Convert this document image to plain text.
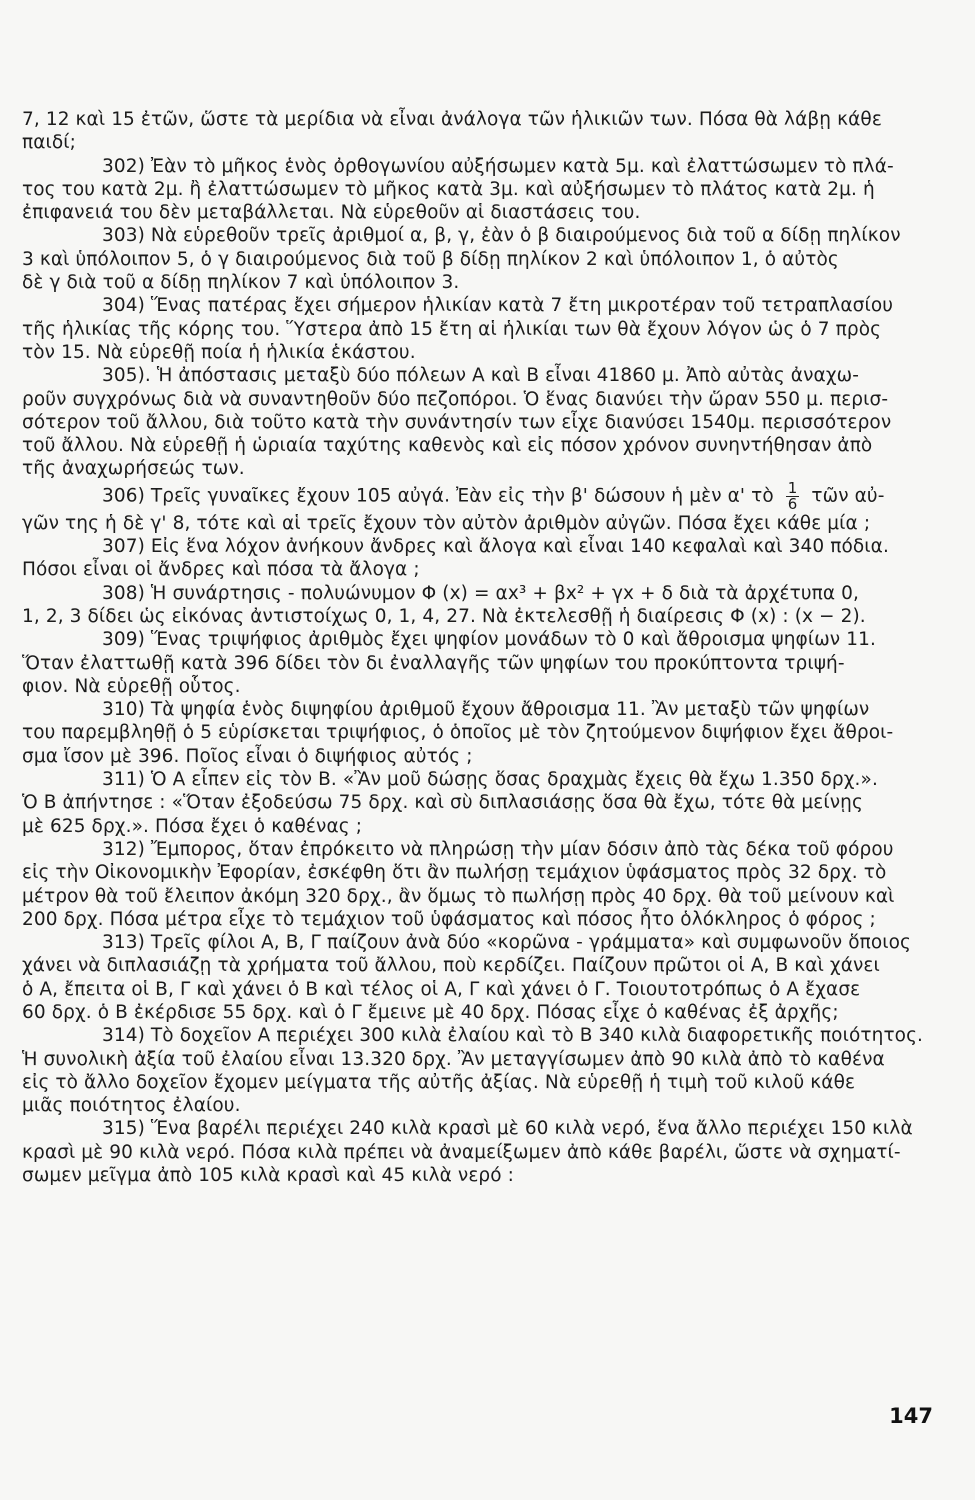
7, 12 καὶ 15 ἐτῶν, ὥστε τὰ μερίδια νὰ εἶναι ἀνάλογα τῶν ἡλικιῶν των. Πόσα θὰ λάβῃ κάθε
παιδί;
302) Ἐὰν τὸ μῆκος ἑνὸς ὀρθογωνίου αὐξήσωμεν κατὰ 5μ. καὶ ἐλαττώσωμεν τὸ πλά-
τος του κατὰ 2μ. ἢ ἐλαττώσωμεν τὸ μῆκος κατὰ 3μ. καὶ αὐξήσωμεν τὸ πλάτος κατὰ 2μ. ἡ
ἐπιφανειά του δὲν μεταβάλλεται. Νὰ εὑρεθοῦν αἱ διαστάσεις του.
303) Νὰ εὑρεθοῦν τρεῖς ἀριθμοί α, β, γ, ἐὰν ὁ β διαιρούμενος διὰ τοῦ α δίδῃ πηλίκον
3 καὶ ὑπόλοιπον 5, ὁ γ διαιρούμενος διὰ τοῦ β δίδῃ πηλίκον 2 καὶ ὑπόλοιπον 1, ὁ αὐτὸς
δὲ γ διὰ τοῦ α δίδῃ πηλίκον 7 καὶ ὑπόλοιπον 3.
304) Ἕνας πατέρας ἔχει σήμερον ἡλικίαν κατὰ 7 ἔτη μικροτέραν τοῦ τετραπλασίου
τῆς ἡλικίας τῆς κόρης του. Ὕστερα ἀπὸ 15 ἔτη αἱ ἡλικίαι των θὰ ἔχουν λόγον ὡς ὁ 7 πρὸς
τὸν 15. Νὰ εὑρεθῇ ποία ἡ ἡλικία ἑκάστου.
305). Ἡ ἀπόστασις μεταξὺ δύο πόλεων Α καὶ Β εἶναι 41860 μ. Ἀπὸ αὐτὰς ἀναχω-
ροῦν συγχρόνως διὰ νὰ συναντηθοῦν δύο πεζοπόροι. Ὁ ἕνας διανύει τὴν ὥραν 550 μ. περισ-
σότερον τοῦ ἄλλου, διὰ τοῦτο κατὰ τὴν συνάντησίν των εἶχε διανύσει 1540μ. περισσότερον
τοῦ ἄλλου. Νὰ εὑρεθῇ ἡ ὡριαία ταχύτης καθενὸς καὶ εἰς πόσον χρόνον συνηντήθησαν ἀπὸ
τῆς ἀναχωρήσεώς των.
306) Τρεῖς γυναῖκες ἔχουν 105 αὐγά. Ἐὰν εἰς τὴν β' δώσουν ἡ μὲν α' τὸ $\frac{1}{6}$ τῶν αὐ-
γῶν της ἡ δὲ γ' 8, τότε καὶ αἱ τρεῖς ἔχουν τὸν αὐτὸν ἀριθμὸν αὐγῶν. Πόσα ἔχει κάθε μία ;
307) Εἰς ἕνα λόχον ἀνήκουν ἄνδρες καὶ ἄλογα καὶ εἶναι 140 κεφαλαὶ καὶ 340 πόδια.
Πόσοι εἶναι οἱ ἄνδρες καὶ πόσα τὰ ἄλογα ;
308) Ἡ συνάρτησις - πολυώνυμον Φ (x) = αx³ + βx² + γx + δ διὰ τὰ ἀρχέτυπα 0,
1, 2, 3 δίδει ὡς εἰκόνας ἀντιστοίχως 0, 1, 4, 27. Νὰ ἐκτελεσθῇ ἡ διαίρεσις Φ (x) : (x − 2).
309) Ἕνας τριψήφιος ἀριθμὸς ἔχει ψηφίον μονάδων τὸ 0 καὶ ἄθροισμα ψηφίων 11.
Ὅταν ἐλαττωθῇ κατὰ 396 δίδει τὸν δι ἐναλλαγῆς τῶν ψηφίων του προκύπτοντα τριψή-
φιον. Νὰ εὑρεθῇ οὗτος.
310) Τὰ ψηφία ἑνὸς διψηφίου ἀριθμοῦ ἔχουν ἄθροισμα 11. Ἂν μεταξὺ τῶν ψηφίων
του παρεμβληθῇ ὁ 5 εὑρίσκεται τριψήφιος, ὁ ὁποῖος μὲ τὸν ζητούμενον διψήφιον ἔχει ἄθροι-
σμα ἴσον μὲ 396. Ποῖος εἶναι ὁ διψήφιος αὐτός ;
311) Ὁ Α εἶπεν εἰς τὸν Β. «Ἂν μοῦ δώσῃς ὅσας δραχμὰς ἔχεις θὰ ἔχω 1.350 δρχ.».
Ὁ Β ἀπήντησε : «Ὅταν ἐξοδεύσω 75 δρχ. καὶ σὺ διπλασιάσῃς ὅσα θὰ ἔχω, τότε θὰ μείνῃς
μὲ 625 δρχ.». Πόσα ἔχει ὁ καθένας ;
312) Ἔμπορος, ὅταν ἐπρόκειτο νὰ πληρώσῃ τὴν μίαν δόσιν ἀπὸ τὰς δέκα τοῦ φόρου
εἰς τὴν Οἰκονομικὴν Ἐφορίαν, ἐσκέφθη ὅτι ἂν πωλήσῃ τεμάχιον ὑφάσματος πρὸς 32 δρχ. τὸ
μέτρον θὰ τοῦ ἔλειπον ἀκόμη 320 δρχ., ἂν ὅμως τὸ πωλήσῃ πρὸς 40 δρχ. θὰ τοῦ μείνουν καὶ
200 δρχ. Πόσα μέτρα εἶχε τὸ τεμάχιον τοῦ ὑφάσματος καὶ πόσος ἦτο ὁλόκληρος ὁ φόρος ;
313) Τρεῖς φίλοι Α, Β, Γ παίζουν ἀνὰ δύο «κορῶνα - γράμματα» καὶ συμφωνοῦν ὅποιος
χάνει νὰ διπλασιάζῃ τὰ χρήματα τοῦ ἄλλου, ποὺ κερδίζει. Παίζουν πρῶτοι οἱ Α, Β καὶ χάνει
ὁ Α, ἔπειτα οἱ Β, Γ καὶ χάνει ὁ Β καὶ τέλος οἱ Α, Γ καὶ χάνει ὁ Γ. Τοιουτοτρόπως ὁ Α ἔχασε
60 δρχ. ὁ Β ἐκέρδισε 55 δρχ. καὶ ὁ Γ ἔμεινε μὲ 40 δρχ. Πόσας εἶχε ὁ καθένας ἐξ ἀρχῆς;
314) Τὸ δοχεῖον Α περιέχει 300 κιλὰ ἐλαίου καὶ τὸ Β 340 κιλὰ διαφορετικῆς ποιότητος.
Ἡ συνολικὴ ἀξία τοῦ ἐλαίου εἶναι 13.320 δρχ. Ἂν μεταγγίσωμεν ἀπὸ 90 κιλὰ ἀπὸ τὸ καθένα
εἰς τὸ ἄλλο δοχεῖον ἔχομεν μείγματα τῆς αὐτῆς ἀξίας. Νὰ εὑρεθῇ ἡ τιμὴ τοῦ κιλοῦ κάθε
μιᾶς ποιότητος ἐλαίου.
315) Ἕνα βαρέλι περιέχει 240 κιλὰ κρασὶ μὲ 60 κιλὰ νερό, ἕνα ἄλλο περιέχει 150 κιλὰ
κρασὶ μὲ 90 κιλὰ νερό. Πόσα κιλὰ πρέπει νὰ ἀναμείξωμεν ἀπὸ κάθε βαρέλι, ὥστε νὰ σχηματί-
σωμεν μεῖγμα ἀπὸ 105 κιλὰ κρασὶ καὶ 45 κιλὰ νερό :
147
